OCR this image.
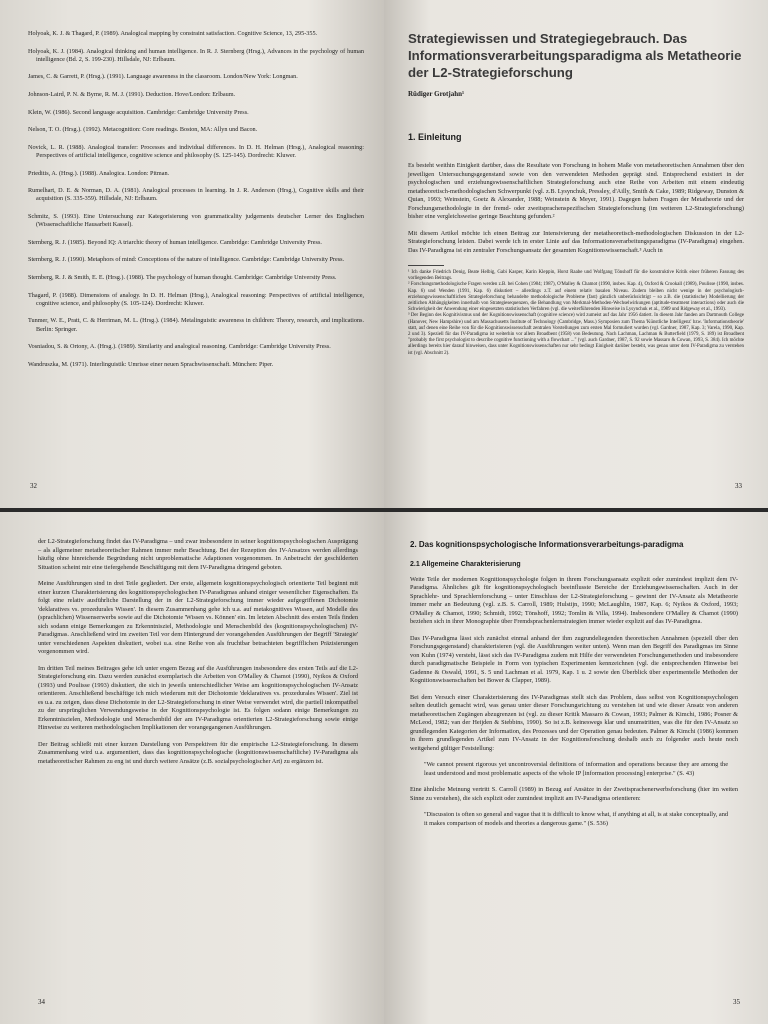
Holyoak, K. J. & Thagard, P. (1989). Analogical mapping by constraint satisfaction. Cognitive Science, 13, 295-355.

Holyoak, K. J. (1984). Analogical thinking and human intelligence. In R. J. Sternberg (Hrsg.), Advances in the psychology of human intelligence (Bd. 2, S. 199-230). Hillsdale, NJ: Erlbaum.

James, C. & Garrett, P. (Hrsg.). (1991). Language awareness in the classroom. London/New York: Longman.

Johnson-Laird, P. N. & Byrne, R. M. J. (1991). Deduction. Hove/London: Erlbaum.

Klein, W. (1986). Second language acquisition. Cambridge: Cambridge University Press.

Nelson, T. O. (Hrsg.). (1992). Metacognition: Core readings. Boston, MA: Allyn und Bacon.

Novick, L. R. (1988). Analogical transfer: Processes and individual differences. In D. H. Helman (Hrsg.), Analogical reasoning: Perspectives of artificial intelligence, cognitive science and philosophy (S. 125-145). Dordrecht: Kluwer.

Prieditis, A. (Hrsg.). (1988). Analogica. London: Pitman.

Rumelhart, D. E. & Norman, D. A. (1981). Analogical processes in learning. In J. R. Anderson (Hrsg.), Cognitive skills and their acquisition (S. 335-359). Hillsdale, NJ: Erlbaum.

Schmitz, S. (1993). Eine Untersuchung zur Kategorisierung von grammaticality judgements deutscher Lerner des Englischen (Wissenschaftliche Hausarbeit Kassel).

Sternberg, R. J. (1985). Beyond IQ: A triarchic theory of human intelligence. Cambridge: Cambridge University Press.

Sternberg, R. J. (1990). Metaphors of mind: Conceptions of the nature of intelligence. Cambridge: Cambridge University Press.

Sternberg, R. J. & Smith, E. E. (Hrsg.). (1988). The psychology of human thought. Cambridge: Cambridge University Press.

Thagard, P. (1988). Dimensions of analogy. In D. H. Helman (Hrsg.), Analogical reasoning: Perspectives of artificial intelligence, cognitive science, and philosophy (S. 105-124). Dordrecht: Kluwer.

Tunmer, W. E., Pratt, C. & Herriman, M. L. (Hrsg.). (1984). Metalinguistic awareness in children: Theory, research, and implications. Berlin: Springer.

Vosniadou, S. & Ortony, A. (Hrsg.). (1989). Similarity and analogical reasoning. Cambridge: Cambridge University Press.

Wandruszka, M. (1971). Interlinguistik: Umrisse einer neuen Sprachwissenschaft. München: Piper.

32
Strategiewissen und Strategiegebrauch. Das Informationsverarbeitungsparadigma als Metatheorie der L2-Strategieforschung
Rüdiger Grotjahn¹
1. Einleitung

Es besteht weithin Einigkeit darüber, dass die Resultate von Forschung in hohem Maße von metatheoretischen Annahmen über den jeweiligen Untersuchungsgegenstand sowie von den verwendeten Methoden geprägt sind. Entsprechend existiert in der psychologischen und erziehungswissenschaftlichen Strategieforschung auch eine Reihe von Arbeiten mit einem eindeutig metatheoretisch-methodologischen Schwerpunkt (vgl. z.B. Lysynchuk, Pressley, d'Ailly, Smith & Cake, 1989; Ridgeway, Dunston & Quian, 1993; Weinstein, Goetz & Alexander, 1988; Weinstein & Meyer, 1991). Dagegen haben Fragen der Metatheorie und der Forschungsmethodologie in der fremd- oder zweitsprachenspezifischen Strategieforschung (im weiteren L2-Strategieforschung) bisher eine vergleichsweise geringe Beachtung gefunden.²

Mit diesem Artikel möchte ich einen Beitrag zur Intensivierung der metatheoretisch-methodologischen Diskussion in der L2-Strategieforschung leisten. Dabei werde ich in erster Linie auf das Informationsverarbeitungsparadigma (IV-Paradigma) eingehen. Das IV-Paradigma ist ein zentraler Forschungsansatz der gesamten Kognitionswissenschaft.³ Auch in

¹ Ich danke Friedrich Denig, Beate Helbig, Gabi Kasper, Karin Kleppin, Horst Raabe und Wolfgang Tönshoff für die konstruktive Kritik einer früheren Fassung des vorliegenden Beitrags.

² Forschungsmethodologische Fragen werden z.B. bei Cohen (1984; 1987), O'Malley & Chamot (1990, insbes. Kap. 4), Oxford & Crookall (1989), Poulisse (1990, insbes. Kap. 6) und Wenden (1991, Kap. 6) diskutiert – allerdings z.T. auf einem relativ basalen Niveau. Zudem bleiben nicht wenige in der psychologisch-erziehungswissenschaftlichen Strategieforschung behandelte methodologische Probleme (fast) gänzlich unberücksichtigt – so z.B. die (statistische) Modellierung der zeitlichen Abhängigkeiten innerhalb von Strategiesequenzen, die Behandlung von Merkmal-Methoden-Wechselwirkungen (aptitude-treatment interactions) oder auch die Schwierigkeit der Anwendung einer eingesetzten statistischen Verfahren (vgl. die weiterführenden Hinweise in Lysynchuk et al., 1989 und Ridgeway et al., 1993).

³ Der Beginn des Kognitivismus und der Kognitionswissenschaft (cognitive science) wird zumeist auf das Jahr 1956 datiert. In diesem Jahr fanden am Dartmouth College (Hanover, New Hampshire) und am Massachusetts Institute of Technology (Cambridge, Mass.) Symposien zum Thema 'Künstliche Intelligenz' bzw. 'Informationstheorie' statt, auf denen eine Reihe von für die Kognitionswissenschaft zentralen Vorstellungen zum ersten Mal formuliert wurden (vgl. Gardner, 1987, Kap. 3; Varela, 1990, Kap. 2 und 3). Speziell für das IV-Paradigma ist weiterhin vor allem Broadbent (1958) von Bedeutung. Nach Lachman, Lachman & Butterfield (1979, S. 189) ist Broadbent "probably the first psychologist to describe cognitive functioning with a flowchart ..." (vgl. auch Gardner, 1987, S. 92 sowie Massaro & Cowan, 1993, S. 384). Ich möchte allerdings bereits hier darauf hinweisen, dass unter Kognitionswissenschaften nur sehr bedingt Einigkeit darüber besteht, was genau unter dem IV-Paradigma zu verstehen ist (vgl. Abschnitt 2).

33

der L2-Strategieforschung findet das IV-Paradigma – und zwar insbesondere in seiner kognitionspsychologischen Ausprägung – als allgemeiner metatheoretischer Rahmen immer mehr Beachtung. Bei der Rezeption des IV-Ansatzes werden allerdings häufig ohne hinreichende Begründung nicht unproblematische Adaptionen vorgenommen. In Anbetracht der geschilderten Situation scheint mir eine tiefergehende Beschäftigung mit dem IV-Paradigma dringend geboten.

Meine Ausführungen sind in drei Teile gegliedert. Der erste, allgemein kognitionspsychologisch orientierte Teil beginnt mit einer kurzen Charakterisierung des kognitionspsychologischen IV-Paradigmas anhand einiger wesentlicher Eigenschaften. Es folgt eine relativ ausführliche Darstellung der in der L2-Strategieforschung immer wieder aufgegriffenen Dichotomie 'deklaratives vs. prozedurales Wissen'. In diesem Zusammenhang gehe ich u.a. auf metakognitives Wissen, auf Modelle des (sprachlichen) Wissenserwerbs sowie auf die Dichotomie 'Wissen vs. Können' ein. Im letzten Abschnitt des ersten Teils finden sich sodann einige Bemerkungen zu Erkenntnisziel, Methodologie und Menschenbild des (kognitionspsychologischen) IV-Paradigmas. Anschließend wird im zweiten Teil vor dem Hintergrund der vorangehenden Ausführungen der Begriff 'Strategie' unter verschiedenen Aspekten diskutiert, wobei u.a. eine Reihe von als fruchtbar betrachteten begrifflichen Präzisierungen vorgenommen wird.

Im dritten Teil meines Beitrages gehe ich unter engem Bezug auf die Ausführungen insbesondere des ersten Teils auf die L2-Strategieforschung ein. Dazu werden zunächst exemplarisch die Arbeiten von O'Malley & Chamot (1990), Nyikos & Oxford (1993) und Poulisse (1993) diskutiert, die sich in jeweils unterschiedlicher Weise am kognitionspsychologischen IV-Ansatz orientieren. Anschließend beschäftige ich mich wiederum mit der Dichotomie 'deklaratives vs. prozedurales Wissen'. Ziel ist es u.a. zu zeigen, dass diese Dichotomie in der L2-Strategieforschung in einer Weise verwendet wird, die partiell inkompatibel zu der ursprünglichen Verwendungsweise in der Kognitionspsychologie ist. Es folgen sodann einige Bemerkungen zu Erkenntniszielen, Methodologie und Menschenbild der am IV-Paradigma orientierten L2-Strategieforschung sowie einige Hinweise zu weiteren methodologischen Implikationen der vorangegangenen Ausführungen.

Der Beitrag schließt mit einer kurzen Darstellung von Perspektiven für die empirische L2-Strategieforschung. In diesem Zusammenhang wird u.a. argumentiert, dass das kognitionspsychologische (kognitionswissenschaftliche) IV-Paradigma als metatheoretischer Rahmen zu eng ist und durch weitere Ansätze (z.B. sozialpsychologischer Art) zu ergänzen ist.

34
2. Das kognitionspsychologische Informationsverarbeitungs-paradigma
2.1 Allgemeine Charakterisierung

Weite Teile der modernen Kognitionspsychologie folgen in ihrem Forschungsansatz explizit oder zumindest implizit dem IV-Paradigma. Ähnliches gilt für kognitionspsychologisch beeinflusste Bereiche der Erziehungswissenschaften. Auch in der Sprachlehr- und Sprachlernforschung – unter Einschluss der L2-Strategieforschung – gewinnt der IV-Ansatz als Metatheorie immer mehr an Bedeutung (vgl. z.B. S. Carroll, 1989; Hulstijn, 1990; McLaughlin, 1987, Kap. 6; Nyikos & Oxford, 1993; O'Malley & Chamot, 1990; Schmidt, 1992; Tönshoff, 1992; Tomlin & Villa, 1994). Insbesondere O'Malley & Chamot (1990) beziehen sich in ihrer Monographie über Fremdsprachenlernstrategien immer wieder explizit auf das IV-Paradigma.

Das IV-Paradigma lässt sich zunächst einmal anhand der ihm zugrundeliegenden theoretischen Annahmen (speziell über den Forschungsgegenstand) charakterisieren (vgl. die Ausführungen weiter unten). Wenn man den Begriff des Paradigmas im Sinne von Kuhn (1974) versteht, lässt sich das IV-Paradigma zudem mit Hilfe der verwendeten Forschungsmethoden und insbesondere durch paradigmatische Beispiele in Form von typischen Experimenten kennzeichnen (vgl. die entsprechenden Hinweise bei Gadenne & Oswald, 1991, S. 5 und Lachman et al. 1979, Kap. 1 u. 2 sowie den Überblick über experimentelle Methoden der Kognitionswissenschaften bei Bower & Clapper, 1989).

Bei dem Versuch einer Charakterisierung des IV-Paradigmas stellt sich das Problem, dass selbst von Kognitionspsychologen selten deutlich gemacht wird, was genau unter dieser Forschungsrichtung zu verstehen ist und wie dieser Ansatz von anderen metatheoretischen Zugängen abzugrenzen ist (vgl. zu dieser Kritik Massaro & Cowan, 1993; Palmer & Kimchi, 1986; Posner & McLeod, 1982; van der Heijden & Stebbins, 1990). So ist z.B. keineswegs klar und unumstritten, was die für den IV-Ansatz so grundlegenden Kategorien der Information, des Prozesses und der Operation genau bedeuten. Palmer & Kimchi (1986) kommen in ihrem grundlegenden Artikel zum IV-Ansatz in der Kognitionsforschung deshalb auch zu folgender auch heute noch weitgehend gültiger Feststellung:

"We cannot present rigorous yet uncontroversial definitions of information and operations because they are among the least understood and most problematic aspects of the whole IP [information processing] enterprise." (S. 43)

Eine ähnliche Meinung vertritt S. Carroll (1989) in Bezug auf Ansätze in der Zweitsprachenerwerbsforschung (hier im weiten Sinne zu verstehen), die sich explizit oder zumindest implizit am IV-Paradigma orientieren:

"Discussion is often so general and vague that it is difficult to know what, if anything at all, is at stake conceptually, and it makes comparison of models and theories a dangerous game." (S. 536)

35
